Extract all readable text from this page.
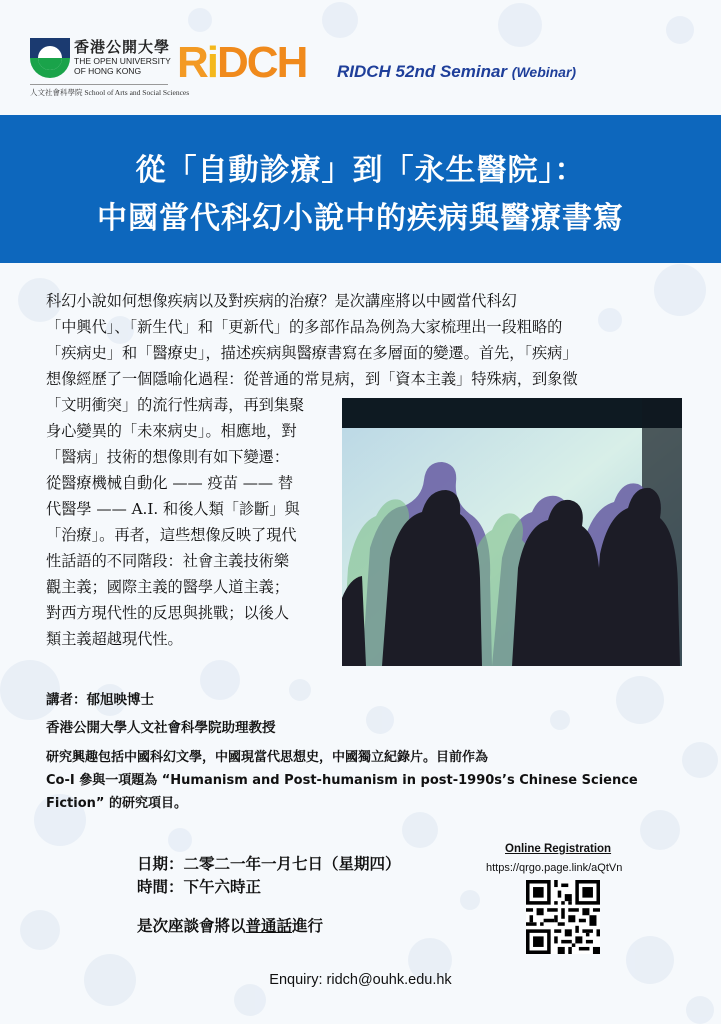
香港公開大學
THE OPEN UNIVERSITY OF HONG KONG
人文社會科學院 School of Arts and Social Sciences
RiDCH	RIDCH 52nd Seminar (Webinar)
從「自動診療」到「永生醫院」：
中國當代科幻小說中的疾病與醫療書寫
科幻小說如何想像疾病以及對疾病的治療？是次講座將以中國當代科幻
「中興代」、「新生代」和「更新代」的多部作品為例為大家梳理出一段粗略的
「疾病史」和「醫療史」，描述疾病與醫療書寫在多層面的變遷。首先，「疾病」
想像經歷了一個隱喻化過程：從普通的常見病，到「資本主義」特殊病，到象徵
「文明衝突」的流行性病毒，再到集聚
身心變異的「未來病史」。相應地，對
「醫病」技術的想像則有如下變遷：
從醫療機械自動化 —— 疫苗 —— 替
代醫學 —— A.I. 和後人類「診斷」與
「治療」。再者，這些想像反映了現代
性話語的不同階段：社會主義技術樂
觀主義；國際主義的醫學人道主義；
對西方現代性的反思與挑戰；以後人
類主義超越現代性。
講者：郁旭映博士
香港公開大學人文社會科學院助理教授
研究興趣包括中國科幻文學，中國現當代思想史，中國獨立紀錄片。目前作為
Co-I 參與一項題為 “Humanism and Post-humanism in post-1990s’s Chinese Science
Fiction” 的研究項目。
日期：二零二一年一月七日（星期四）
時間：下午六時正
是次座談會將以普通話進行
Online Registration
https://qrgo.page.link/aQtVn
Enquiry: ridch@ouhk.edu.hk
